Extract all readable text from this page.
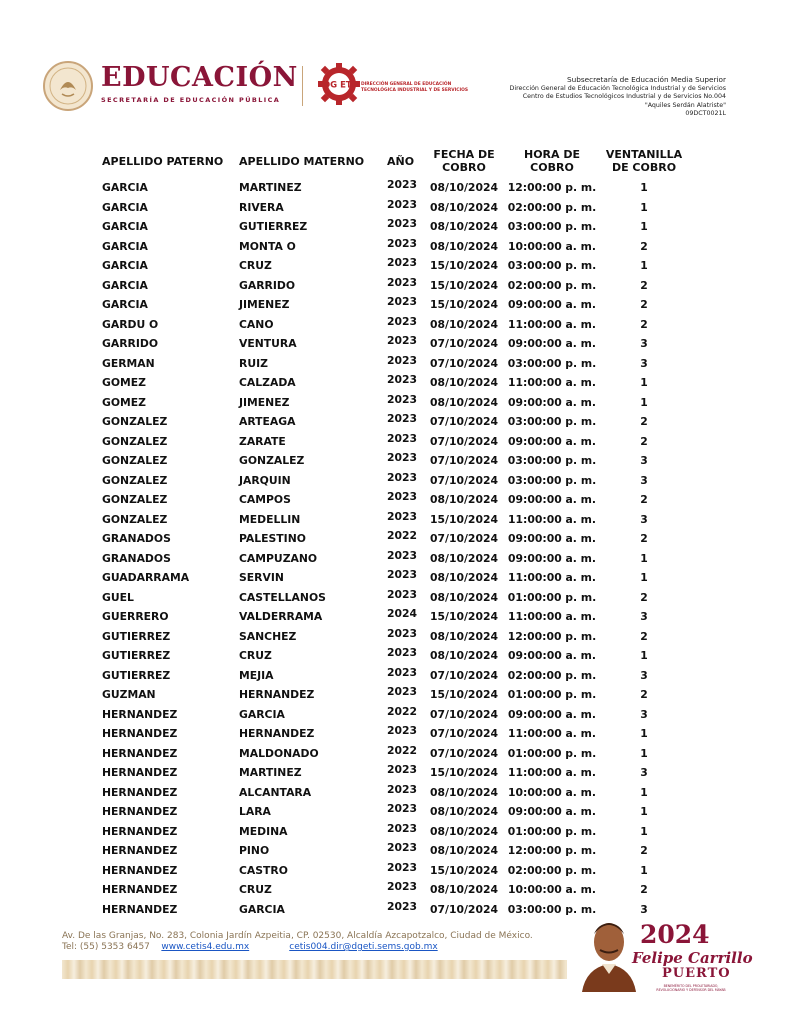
EDUCACIÓN
SECRETARÍA DE EDUCACIÓN PÚBLICA
DG ETI DIRECCIÓN GENERAL DE EDUCACIÓN
TECNOLÓGICA INDUSTRIAL Y DE SERVICIOS
Subsecretaría de Educación Media Superior
Dirección General de Educación Tecnológica Industrial y de Servicios
Centro de Estudios Tecnológicos Industrial y de Servicios No.004
"Aquiles Serdán Alatriste"
09DCT0021L
APELLIDO PATERNO	APELLIDO MATERNO	AÑO	FECHA DE COBRO	HORA DE COBRO	VENTANILLA DE COBRO
GARCIA	MARTINEZ	2023	08/10/2024	12:00:00 p. m.	1
GARCIA	RIVERA	2023	08/10/2024	02:00:00 p. m.	1
GARCIA	GUTIERREZ	2023	08/10/2024	03:00:00 p. m.	1
GARCIA	MONTA O	2023	08/10/2024	10:00:00 a. m.	2
GARCIA	CRUZ	2023	15/10/2024	03:00:00 p. m.	1
GARCIA	GARRIDO	2023	15/10/2024	02:00:00 p. m.	2
GARCIA	JIMENEZ	2023	15/10/2024	09:00:00 a. m.	2
GARDU O	CANO	2023	08/10/2024	11:00:00 a. m.	2
GARRIDO	VENTURA	2023	07/10/2024	09:00:00 a. m.	3
GERMAN	RUIZ	2023	07/10/2024	03:00:00 p. m.	3
GOMEZ	CALZADA	2023	08/10/2024	11:00:00 a. m.	1
GOMEZ	JIMENEZ	2023	08/10/2024	09:00:00 a. m.	1
GONZALEZ	ARTEAGA	2023	07/10/2024	03:00:00 p. m.	2
GONZALEZ	ZARATE	2023	07/10/2024	09:00:00 a. m.	2
GONZALEZ	GONZALEZ	2023	07/10/2024	03:00:00 p. m.	3
GONZALEZ	JARQUIN	2023	07/10/2024	03:00:00 p. m.	3
GONZALEZ	CAMPOS	2023	08/10/2024	09:00:00 a. m.	2
GONZALEZ	MEDELLIN	2023	15/10/2024	11:00:00 a. m.	3
GRANADOS	PALESTINO	2022	07/10/2024	09:00:00 a. m.	2
GRANADOS	CAMPUZANO	2023	08/10/2024	09:00:00 a. m.	1
GUADARRAMA	SERVIN	2023	08/10/2024	11:00:00 a. m.	1
GUEL	CASTELLANOS	2023	08/10/2024	01:00:00 p. m.	2
GUERRERO	VALDERRAMA	2024	15/10/2024	11:00:00 a. m.	3
GUTIERREZ	SANCHEZ	2023	08/10/2024	12:00:00 p. m.	2
GUTIERREZ	CRUZ	2023	08/10/2024	09:00:00 a. m.	1
GUTIERREZ	MEJIA	2023	07/10/2024	02:00:00 p. m.	3
GUZMAN	HERNANDEZ	2023	15/10/2024	01:00:00 p. m.	2
HERNANDEZ	GARCIA	2022	07/10/2024	09:00:00 a. m.	3
HERNANDEZ	HERNANDEZ	2023	07/10/2024	11:00:00 a. m.	1
HERNANDEZ	MALDONADO	2022	07/10/2024	01:00:00 p. m.	1
HERNANDEZ	MARTINEZ	2023	15/10/2024	11:00:00 a. m.	3
HERNANDEZ	ALCANTARA	2023	08/10/2024	10:00:00 a. m.	1
HERNANDEZ	LARA	2023	08/10/2024	09:00:00 a. m.	1
HERNANDEZ	MEDINA	2023	08/10/2024	01:00:00 p. m.	1
HERNANDEZ	PINO	2023	08/10/2024	12:00:00 p. m.	2
HERNANDEZ	CASTRO	2023	15/10/2024	02:00:00 p. m.	1
HERNANDEZ	CRUZ	2023	08/10/2024	10:00:00 a. m.	2
HERNANDEZ	GARCIA	2023	07/10/2024	03:00:00 p. m.	3
Av. De las Granjas, No. 283, Colonia Jardín Azpeitia, CP. 02530, Alcaldía Azcapotzalco, Ciudad de México.
Tel: (55) 5353 6457 www.cetis4.edu.mx	cetis004.dir@dgeti.sems.gob.mx	2024
Felipe Carrillo
PUERTO
BENEMÉRITO DEL PROLETARIADO, REVOLUCIONARIO Y DEFENSOR DEL MAYAB
